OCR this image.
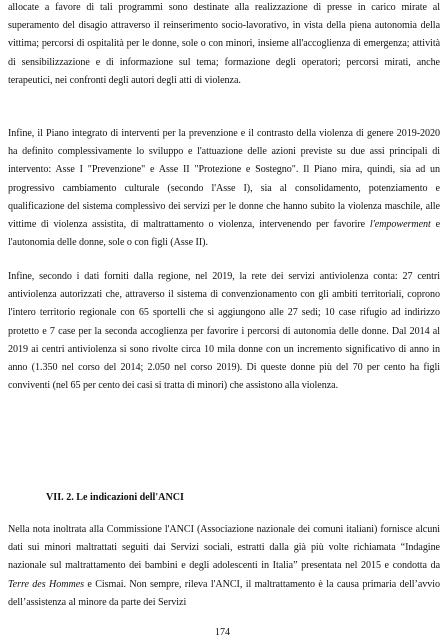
allocate a favore di tali programmi sono destinate alla realizzazione di presse in carico mirate al superamento del disagio attraverso il reinserimento socio-lavorativo, in vista della piena autonomia della vittima; percorsi di ospitalità per le donne, sole o con minori, insieme all'accoglienza di emergenza; attività di sensibilizzazione e di informazione sul tema; formazione degli operatori; percorsi mirati, anche terapeutici, nei confronti degli autori degli atti di violenza.

Infine, il Piano integrato di interventi per la prevenzione e il contrasto della violenza di genere 2019-2020 ha definito complessivamente lo sviluppo e l'attuazione delle azioni previste su due assi principali di intervento: Asse I "Prevenzione" e Asse II "Protezione e Sostegno". Il Piano mira, quindi, sia ad un progressivo cambiamento culturale (secondo l'Asse I), sia al consolidamento, potenziamento e qualificazione del sistema complessivo dei servizi per le donne che hanno subito la violenza maschile, alle vittime di violenza assistita, di maltrattamento o violenza, intervenendo per favorire l'empowerment e l'autonomia delle donne, sole o con figli (Asse II).

Infine, secondo i dati forniti dalla regione, nel 2019, la rete dei servizi antiviolenza conta: 27 centri antiviolenza autorizzati che, attraverso il sistema di convenzionamento con gli ambiti territoriali, coprono l'intero territorio regionale con 65 sportelli che si aggiungono alle 27 sedi; 10 case rifugio ad indirizzo protetto e 7 case per la seconda accoglienza per favorire i percorsi di autonomia delle donne. Dal 2014 al 2019 ai centri antiviolenza si sono rivolte circa 10 mila donne con un incremento significativo di anno in anno (1.350 nel corso del 2014; 2.050 nel corso 2019). Di queste donne più del 70 per cento ha figli conviventi (nel 65 per cento dei casi si tratta di minori) che assistono alla violenza.

VII. 2. Le indicazioni dell'ANCI

Nella nota inoltrata alla Commissione l'ANCI (Associazione nazionale dei comuni italiani) fornisce alcuni dati sui minori maltrattati seguiti dai Servizi sociali, estratti dalla già più volte richiamata “Indagine nazionale sul maltrattamento dei bambini e degli adolescenti in Italia” presentata nel 2015 e condotta da Terre des Hommes e Cismai. Non sempre, rileva l'ANCI, il maltrattamento è la causa primaria dell’avvio dell’assistenza al minore da parte dei Servizi

174
